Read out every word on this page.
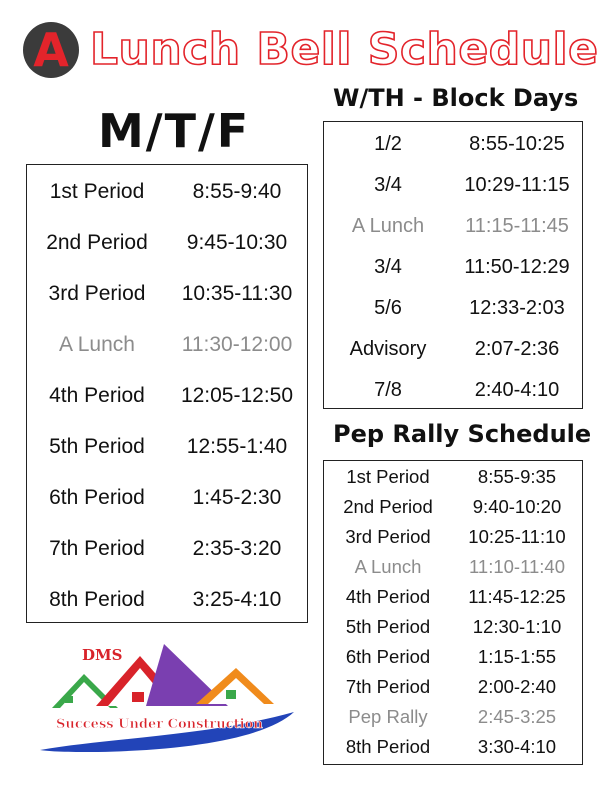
A Lunch Bell Schedule
M/T/F
1st Period	8:55-9:40
2nd Period	9:45-10:30
3rd Period	10:35-11:30
A Lunch	11:30-12:00
4th Period	12:05-12:50
5th Period	12:55-1:40
6th Period	1:45-2:30
7th Period	2:35-3:20
8th Period	3:25-4:10
W/TH - Block Days
1/2	8:55-10:25
3/4	10:29-11:15
A Lunch	11:15-11:45
3/4	11:50-12:29
5/6	12:33-2:03
Advisory	2:07-2:36
7/8	2:40-4:10
Pep Rally Schedule
1st Period	8:55-9:35
2nd Period	9:40-10:20
3rd Period	10:25-11:10
A Lunch	11:10-11:40
4th Period	11:45-12:25
5th Period	12:30-1:10
6th Period	1:15-1:55
7th Period	2:00-2:40
Pep Rally	2:45-3:25
8th Period	3:30-4:10
DMS
Success Under Construction
